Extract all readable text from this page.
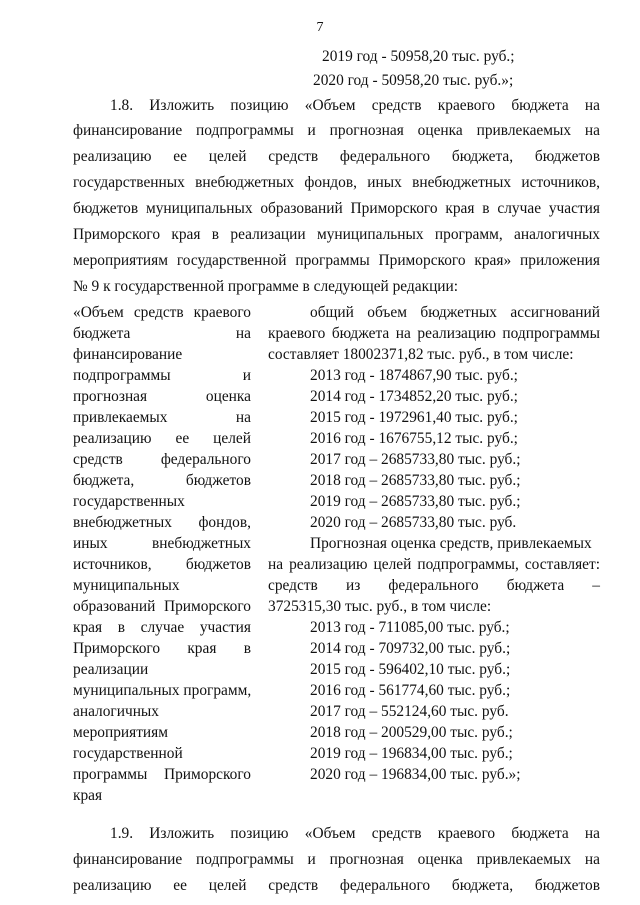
7
2019 год - 50958,20 тыс. руб.;
2020 год - 50958,20 тыс. руб.»;
1.8. Изложить позицию «Объем средств краевого бюджета на
финансирование подпрограммы и прогнозная оценка привлекаемых на
реализацию ее целей средств федерального бюджета, бюджетов
государственных внебюджетных фондов, иных внебюджетных источников,
бюджетов муниципальных образований Приморского края в случае участия
Приморского края в реализации муниципальных программ, аналогичных
мероприятиям государственной программы Приморского края» приложения
№ 9 к государственной программе в следующей редакции:
«Объем средств краевого
бюджета на
финансирование
подпрограммы и
прогнозная оценка
привлекаемых на
реализацию ее целей
средств федерального
бюджета, бюджетов
государственных
внебюджетных фондов,
иных внебюджетных
источников, бюджетов
муниципальных
образований Приморского
края в случае участия
Приморского края в
реализации
муниципальных программ,
аналогичных
мероприятиям
государственной
программы Приморского
края
общий объем бюджетных ассигнований
краевого бюджета на реализацию подпрограммы
составляет 18002371,82 тыс. руб., в том числе:
2013 год - 1874867,90 тыс. руб.;
2014 год - 1734852,20 тыс. руб.;
2015 год - 1972961,40 тыс. руб.;
2016 год - 1676755,12 тыс. руб.;
2017 год – 2685733,80 тыс. руб.;
2018 год – 2685733,80 тыс. руб.;
2019 год – 2685733,80 тыс. руб.;
2020 год – 2685733,80 тыс. руб.
Прогнозная оценка средств, привлекаемых
на реализацию целей подпрограммы, составляет:
средств из федерального бюджета –
3725315,30 тыс. руб., в том числе:
2013 год - 711085,00 тыс. руб.;
2014 год - 709732,00 тыс. руб.;
2015 год - 596402,10 тыс. руб.;
2016 год - 561774,60 тыс. руб.;
2017 год – 552124,60 тыс. руб.
2018 год – 200529,00 тыс. руб.;
2019 год – 196834,00 тыс. руб.;
2020 год – 196834,00 тыс. руб.»;
1.9. Изложить позицию «Объем средств краевого бюджета на
финансирование подпрограммы и прогнозная оценка привлекаемых на
реализацию ее целей средств федерального бюджета, бюджетов
